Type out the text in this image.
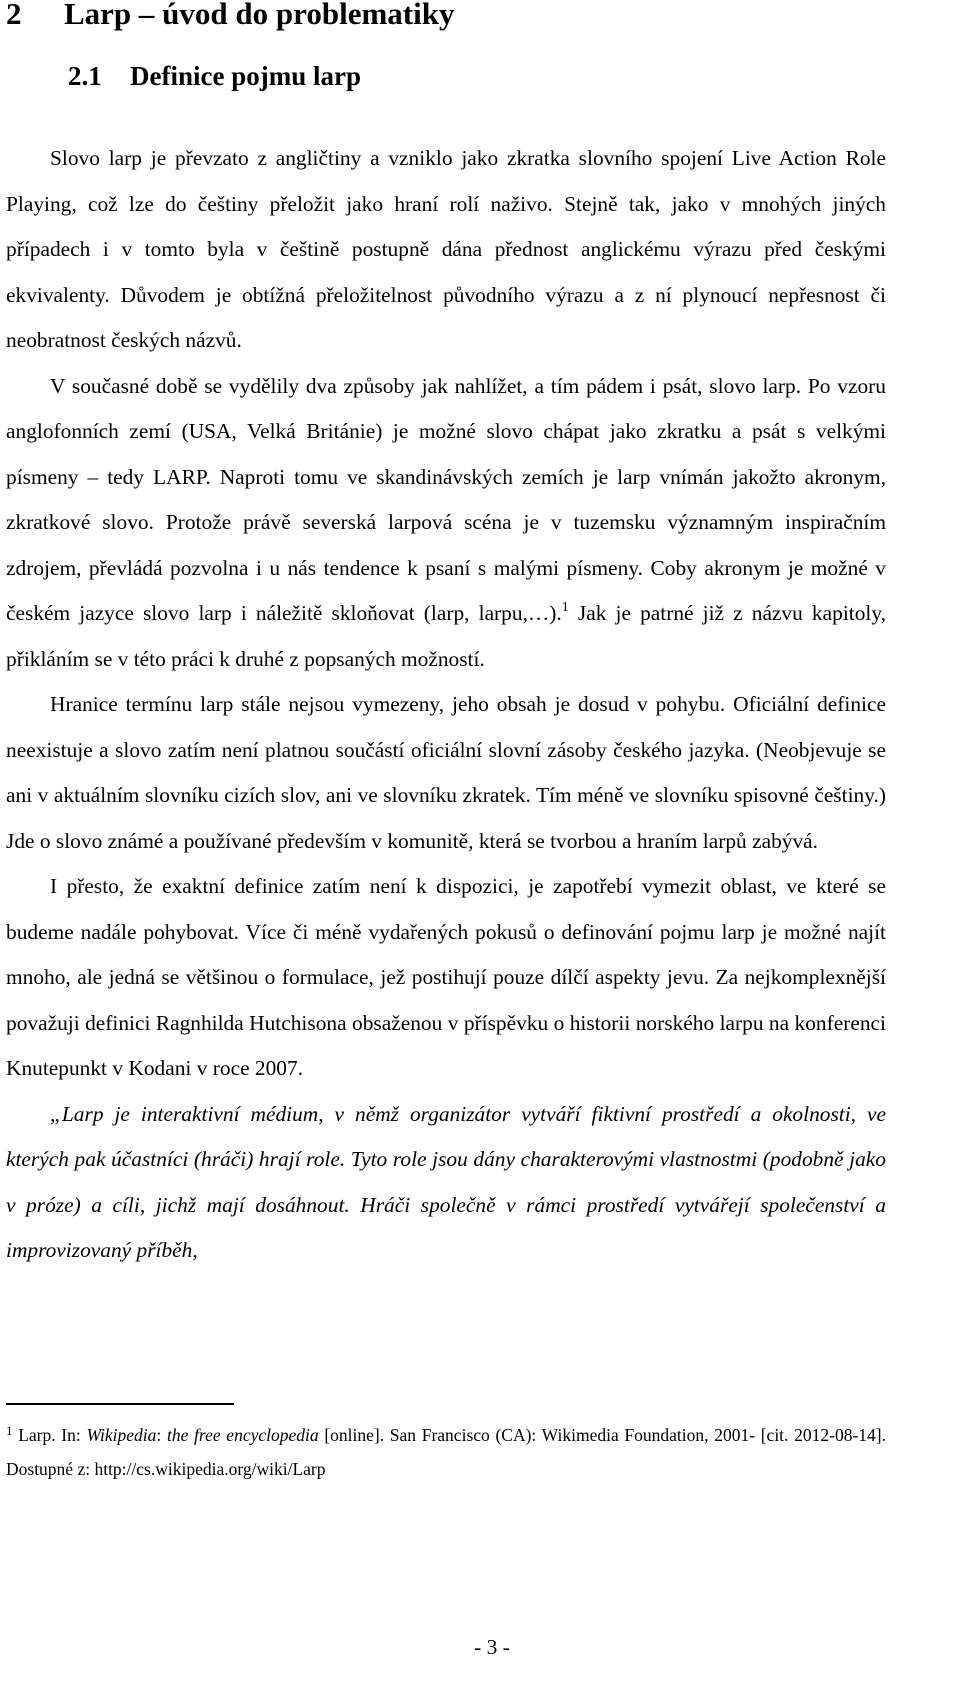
2 Larp – úvod do problematiky
2.1 Definice pojmu larp

Slovo larp je převzato z angličtiny a vzniklo jako zkratka slovního spojení Live Action Role Playing, což lze do češtiny přeložit jako hraní rolí naživo. Stejně tak, jako v mnohých jiných případech i v tomto byla v češtině postupně dána přednost anglickému výrazu před českými ekvivalenty. Důvodem je obtížná přeložitelnost původního výrazu a z ní plynoucí nepřesnost či neobratnost českých názvů.

V současné době se vydělily dva způsoby jak nahlížet, a tím pádem i psát, slovo larp. Po vzoru anglofonních zemí (USA, Velká Británie) je možné slovo chápat jako zkratku a psát s velkými písmeny – tedy LARP. Naproti tomu ve skandinávských zemích je larp vnímán jakožto akronym, zkratkové slovo. Protože právě severská larpová scéna je v tuzemsku významným inspiračním zdrojem, převládá pozvolna i u nás tendence k psaní s malými písmeny. Coby akronym je možné v českém jazyce slovo larp i náležitě skloňovat (larp, larpu,…).$^1$ Jak je patrné již z názvu kapitoly, přikláním se v této práci k druhé z popsaných možností.

Hranice termínu larp stále nejsou vymezeny, jeho obsah je dosud v pohybu. Oficiální definice neexistuje a slovo zatím není platnou součástí oficiální slovní zásoby českého jazyka. (Neobjevuje se ani v aktuálním slovníku cizích slov, ani ve slovníku zkratek. Tím méně ve slovníku spisovné češtiny.) Jde o slovo známé a používané především v komunitě, která se tvorbou a hraním larpů zabývá.

I přesto, že exaktní definice zatím není k dispozici, je zapotřebí vymezit oblast, ve které se budeme nadále pohybovat. Více či méně vydařených pokusů o definování pojmu larp je možné najít mnoho, ale jedná se většinou o formulace, jež postihují pouze dílčí aspekty jevu. Za nejkomplexnější považuji definici Ragnhilda Hutchisona obsaženou v příspěvku o historii norského larpu na konferenci Knutepunkt v Kodani v roce 2007.

„Larp je interaktivní médium, v němž organizátor vytváří fiktivní prostředí a okolnosti, ve kterých pak účastníci (hráči) hrají role. Tyto role jsou dány charakterovými vlastnostmi (podobně jako v próze) a cíli, jichž mají dosáhnout. Hráči společně v rámci prostředí vytvářejí společenství a improvizovaný příběh,

$^1$ Larp. In: Wikipedia: the free encyclopedia [online]. San Francisco (CA): Wikimedia Foundation, 2001- [cit. 2012-08-14]. Dostupné z: http://cs.wikipedia.org/wiki/Larp
- 3 -
